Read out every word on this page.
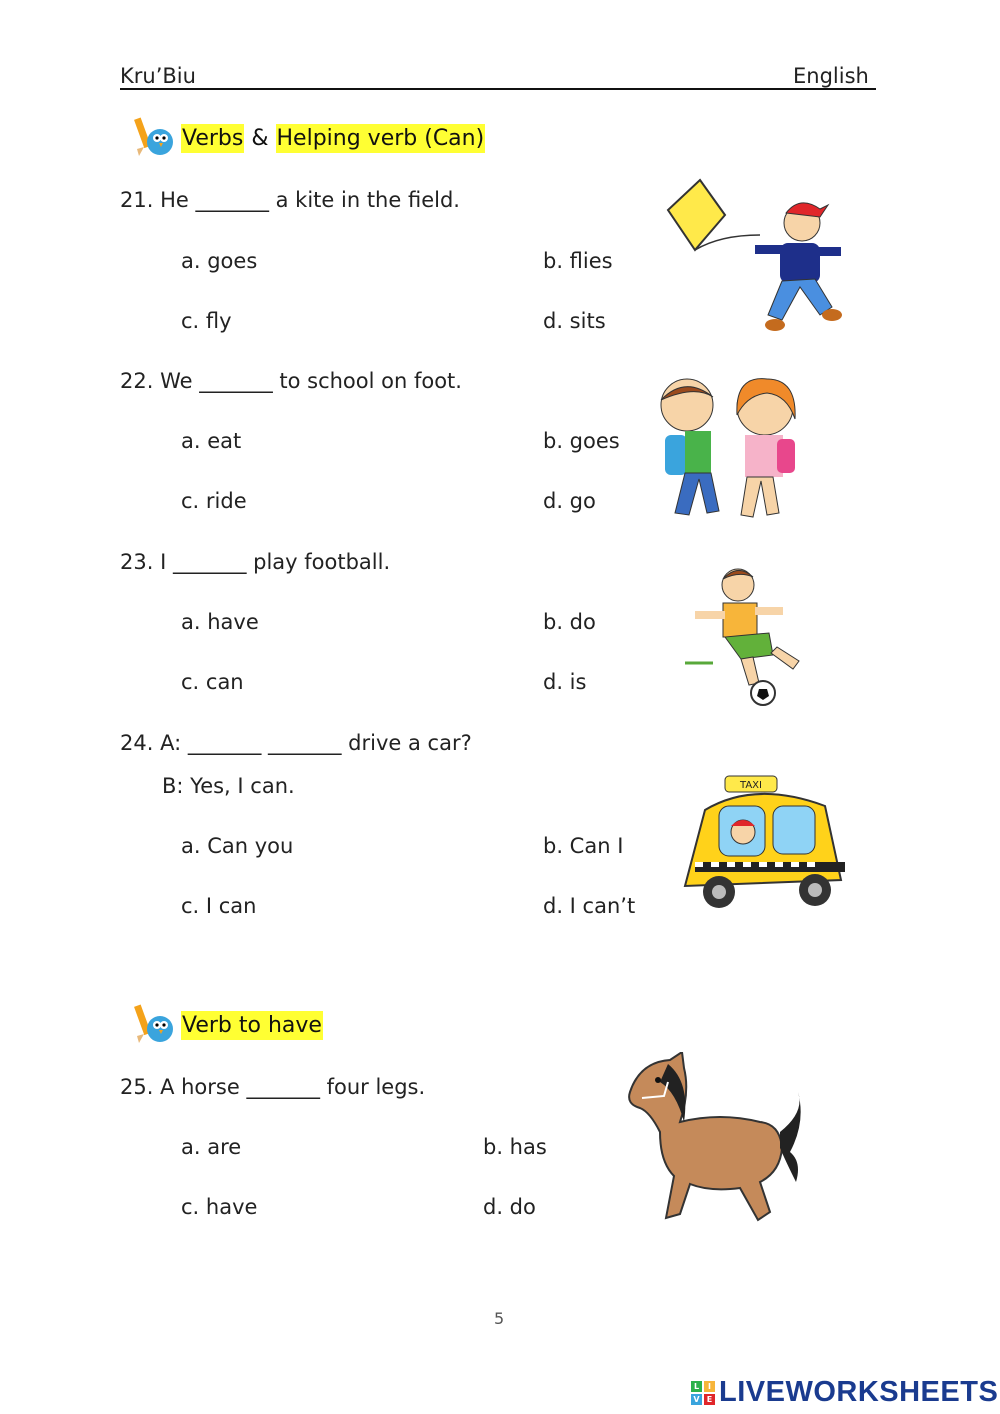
Kru’Biu	English
Verbs & Helping verb (Can)
21. He _______ a kite in the field.
a. goes	b. flies
c. fly	d. sits
22. We _______ to school on foot.
a. eat	b. goes
c. ride	d. go
23. I _______ play football.
a. have	b. do
c. can	d. is
24. A: _______ _______ drive a car?
B: Yes, I can.
a. Can you	b. Can I
c. I can	d. I can’t
TAXI
Verb to have
25. A horse _______ four legs.
a. are	b. has
c. have	d. do
5
L	I
V E LIVEWORKSHEETS
